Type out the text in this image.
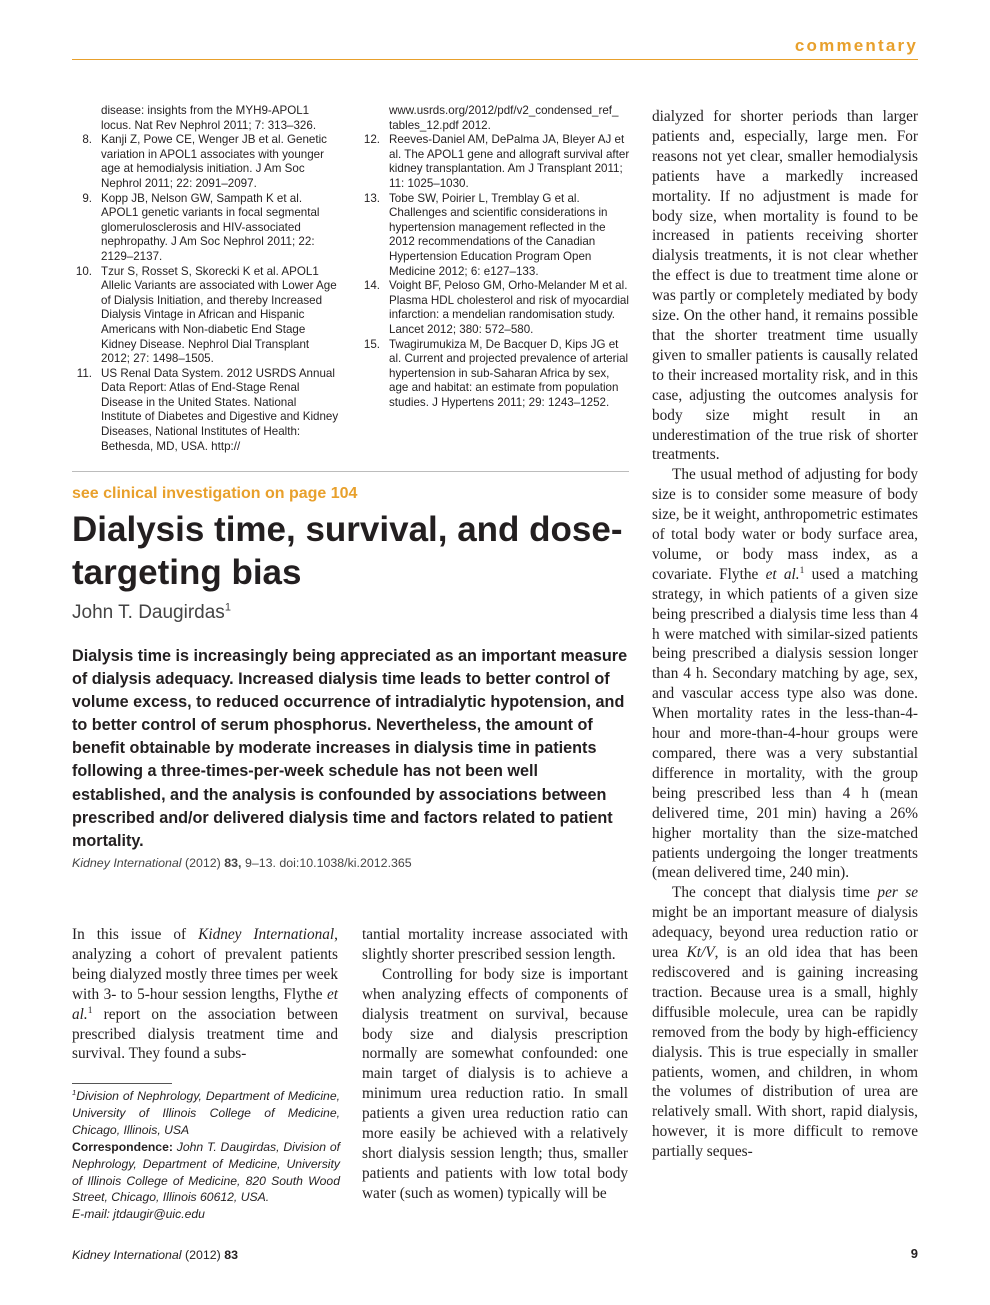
commentary
disease: insights from the MYH9-APOL1 locus. Nat Rev Nephrol 2011; 7: 313–326.
8. Kanji Z, Powe CE, Wenger JB et al. Genetic variation in APOL1 associates with younger age at hemodialysis initiation. J Am Soc Nephrol 2011; 22: 2091–2097.
9. Kopp JB, Nelson GW, Sampath K et al. APOL1 genetic variants in focal segmental glomerulosclerosis and HIV-associated nephropathy. J Am Soc Nephrol 2011; 22: 2129–2137.
10. Tzur S, Rosset S, Skorecki K et al. APOL1 Allelic Variants are associated with Lower Age of Dialysis Initiation, and thereby Increased Dialysis Vintage in African and Hispanic Americans with Non-diabetic End Stage Kidney Disease. Nephrol Dial Transplant 2012; 27: 1498–1505.
11. US Renal Data System. 2012 USRDS Annual Data Report: Atlas of End-Stage Renal Disease in the United States. National Institute of Diabetes and Digestive and Kidney Diseases, National Institutes of Health: Bethesda, MD, USA. http://
www.usrds.org/2012/pdf/v2_condensed_ref_ tables_12.pdf 2012.
12. Reeves-Daniel AM, DePalma JA, Bleyer AJ et al. The APOL1 gene and allograft survival after kidney transplantation. Am J Transplant 2011; 11: 1025–1030.
13. Tobe SW, Poirier L, Tremblay G et al. Challenges and scientific considerations in hypertension management reflected in the 2012 recommendations of the Canadian Hypertension Education Program Open Medicine 2012; 6: e127–133.
14. Voight BF, Peloso GM, Orho-Melander M et al. Plasma HDL cholesterol and risk of myocardial infarction: a mendelian randomisation study. Lancet 2012; 380: 572–580.
15. Twagirumukiza M, De Bacquer D, Kips JG et al. Current and projected prevalence of arterial hypertension in sub-Saharan Africa by sex, age and habitat: an estimate from population studies. J Hypertens 2011; 29: 1243–1252.
see clinical investigation on page 104
Dialysis time, survival, and dose-targeting bias
John T. Daugirdas$^1$

Dialysis time is increasingly being appreciated as an important measure of dialysis adequacy. Increased dialysis time leads to better control of volume excess, to reduced occurrence of intradialytic hypotension, and to better control of serum phosphorus. Nevertheless, the amount of benefit obtainable by moderate increases in dialysis time in patients following a three-times-per-week schedule has not been well established, and the analysis is confounded by associations between prescribed and/or delivered dialysis time and factors related to patient mortality.

Kidney International (2012) 83, 9–13. doi:10.1038/ki.2012.365

In this issue of Kidney International, analyzing a cohort of prevalent patients being dialyzed mostly three times per week with 3- to 5-hour session lengths, Flythe et al.$^1$ report on the association between prescribed dialysis treatment time and survival. They found a subs-

tantial mortality increase associated with slightly shorter prescribed session length.

Controlling for body size is important when analyzing effects of components of dialysis treatment on survival, because body size and dialysis prescription normally are somewhat confounded: one main target of dialysis is to achieve a minimum urea reduction ratio. In small patients a given urea reduction ratio can more easily be achieved with a relatively short dialysis session length; thus, smaller patients and patients with low total body water (such as women) typically will be

dialyzed for shorter periods than larger patients and, especially, large men. For reasons not yet clear, smaller hemodialysis patients have a markedly increased mortality. If no adjustment is made for body size, when mortality is found to be increased in patients receiving shorter dialysis treatments, it is not clear whether the effect is due to treatment time alone or was partly or completely mediated by body size. On the other hand, it remains possible that the shorter treatment time usually given to smaller patients is causally related to their increased mortality risk, and in this case, adjusting the outcomes analysis for body size might result in an underestimation of the true risk of shorter treatments.

The usual method of adjusting for body size is to consider some measure of body size, be it weight, anthropometric estimates of total body water or body surface area, volume, or body mass index, as a covariate. Flythe et al.$^1$ used a matching strategy, in which patients of a given size being prescribed a dialysis time less than 4 h were matched with similar-sized patients being prescribed a dialysis session longer than 4 h. Secondary matching by age, sex, and vascular access type also was done. When mortality rates in the less-than-4-hour and more-than-4-hour groups were compared, there was a very substantial difference in mortality, with the group being prescribed less than 4 h (mean delivered time, 201 min) having a 26% higher mortality than the size-matched patients undergoing the longer treatments (mean delivered time, 240 min).

The concept that dialysis time per se might be an important measure of dialysis adequacy, beyond urea reduction ratio or urea Kt/V, is an old idea that has been rediscovered and is gaining increasing traction. Because urea is a small, highly diffusible molecule, urea can be rapidly removed from the body by high-efficiency dialysis. This is true especially in smaller patients, women, and children, in whom the volumes of distribution of urea are relatively small. With short, rapid dialysis, however, it is more difficult to remove partially seques-

$^1$Division of Nephrology, Department of Medicine, University of Illinois College of Medicine, Chicago, Illinois, USA

Correspondence: John T. Daugirdas, Division of Nephrology, Department of Medicine, University of Illinois College of Medicine, 820 South Wood Street, Chicago, Illinois 60612, USA.

E-mail: jtdaugir@uic.edu

Kidney International (2012) 83	9
